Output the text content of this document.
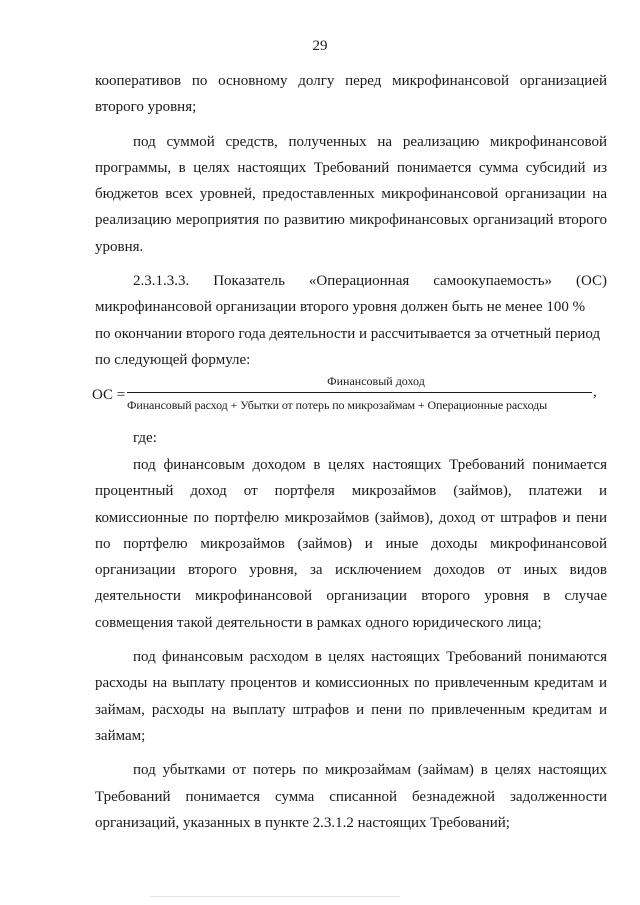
29

кооперативов по основному долгу перед микрофинансовой организацией второго уровня;

под суммой средств, полученных на реализацию микрофинансовой программы, в целях настоящих Требований понимается сумма субсидий из бюджетов всех уровней, предоставленных микрофинансовой организации на реализацию мероприятия по развитию микрофинансовых организаций второго уровня.

2.3.1.3.3. Показатель «Операционная самоокупаемость» (ОС)
микрофинансовой организации второго уровня должен быть не менее 100 %
по окончании второго года деятельности и рассчитывается за отчетный период
по следующей формуле:
ОС =
Финансовый доход
Финансовый расход + Убытки от потерь по микрозаймам + Операционные расходы
,
где:

под финансовым доходом в целях настоящих Требований понимается процентный доход от портфеля микрозаймов (займов), платежи и комиссионные по портфелю микрозаймов (займов), доход от штрафов и пени по портфелю микрозаймов (займов) и иные доходы микрофинансовой организации второго уровня, за исключением доходов от иных видов деятельности микрофинансовой организации второго уровня в случае совмещения такой деятельности в рамках одного юридического лица;

под финансовым расходом в целях настоящих Требований понимаются расходы на выплату процентов и комиссионных по привлеченным кредитам и займам, расходы на выплату штрафов и пени по привлеченным кредитам и займам;

под убытками от потерь по микрозаймам (займам) в целях настоящих Требований понимается сумма списанной безнадежной задолженности организаций, указанных в пункте 2.3.1.2 настоящих Требований;
